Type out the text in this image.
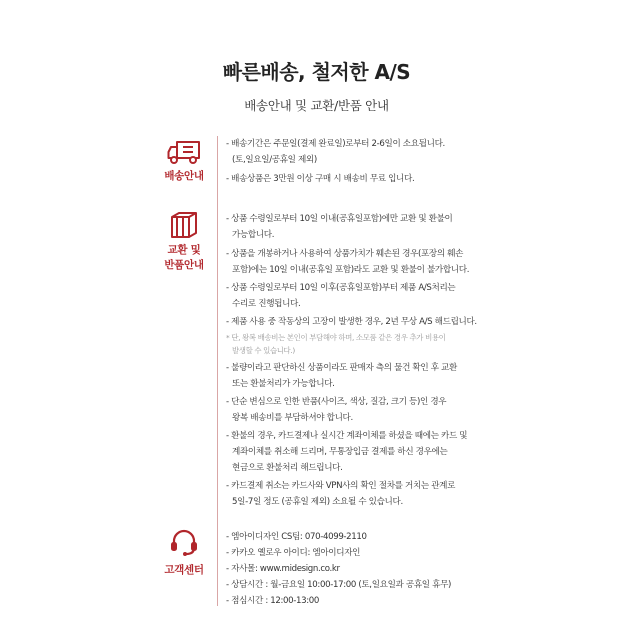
빠른배송, 철저한 A/S
배송안내 및 교환/반품 안내
배송안내
- 배송기간은 주문일(결제 완료일)로부터 2-6일이 소요됩니다.
(토,일요일/공휴일 제외)
- 배송상품은 3만원 이상 구매 시 배송비 무료 입니다.
교환 및
반품안내
- 상품 수령일로부터 10일 이내(공휴일포함)에만 교환 및 환불이
가능합니다.
- 상품을 개봉하거나 사용하여 상품가치가 훼손된 경우(포장의 훼손
포함)에는 10일 이내(공휴일 포함)라도 교환 및 환불이 불가합니다.
- 상품 수령일로부터 10일 이후(공휴일포함)부터 제품 A/S처리는
수리로 진행됩니다.
- 제품 사용 중 작동상의 고장이 발생한 경우, 2년 무상 A/S 해드립니다.
* 단, 왕복 배송비는 본인이 부담해야 하며, 소모품 같은 경우 추가 비용이
발생할 수 있습니다.)
- 불량이라고 판단하신 상품이라도 판매자 측의 물건 확인 후 교환
또는 환불처리가 가능합니다.
- 단순 변심으로 인한 반품(사이즈, 색상, 질감, 크기 등)인 경우
왕복 배송비를 부담하셔야 합니다.
- 환불의 경우, 카드결제나 실시간 계좌이체를 하셨을 때에는 카드 및
계좌이체를 취소해 드리며, 무통장입금 결제를 하신 경우에는
현금으로 환불처리 해드립니다.
- 카드결제 취소는 카드사와 VPN사의 확인 절차를 거치는 관계로
5일-7일 정도 (공휴일 제외) 소요될 수 있습니다.
고객센터
- 엠아이디자인 CS팀: 070-4099-2110
- 카카오 옐로우 아이디: 엠아이디자인
- 자사몰: www.midesign.co.kr
- 상담시간 : 월-금요일 10:00-17:00 (토,일요일과 공휴일 휴무)
- 점심시간 : 12:00-13:00
